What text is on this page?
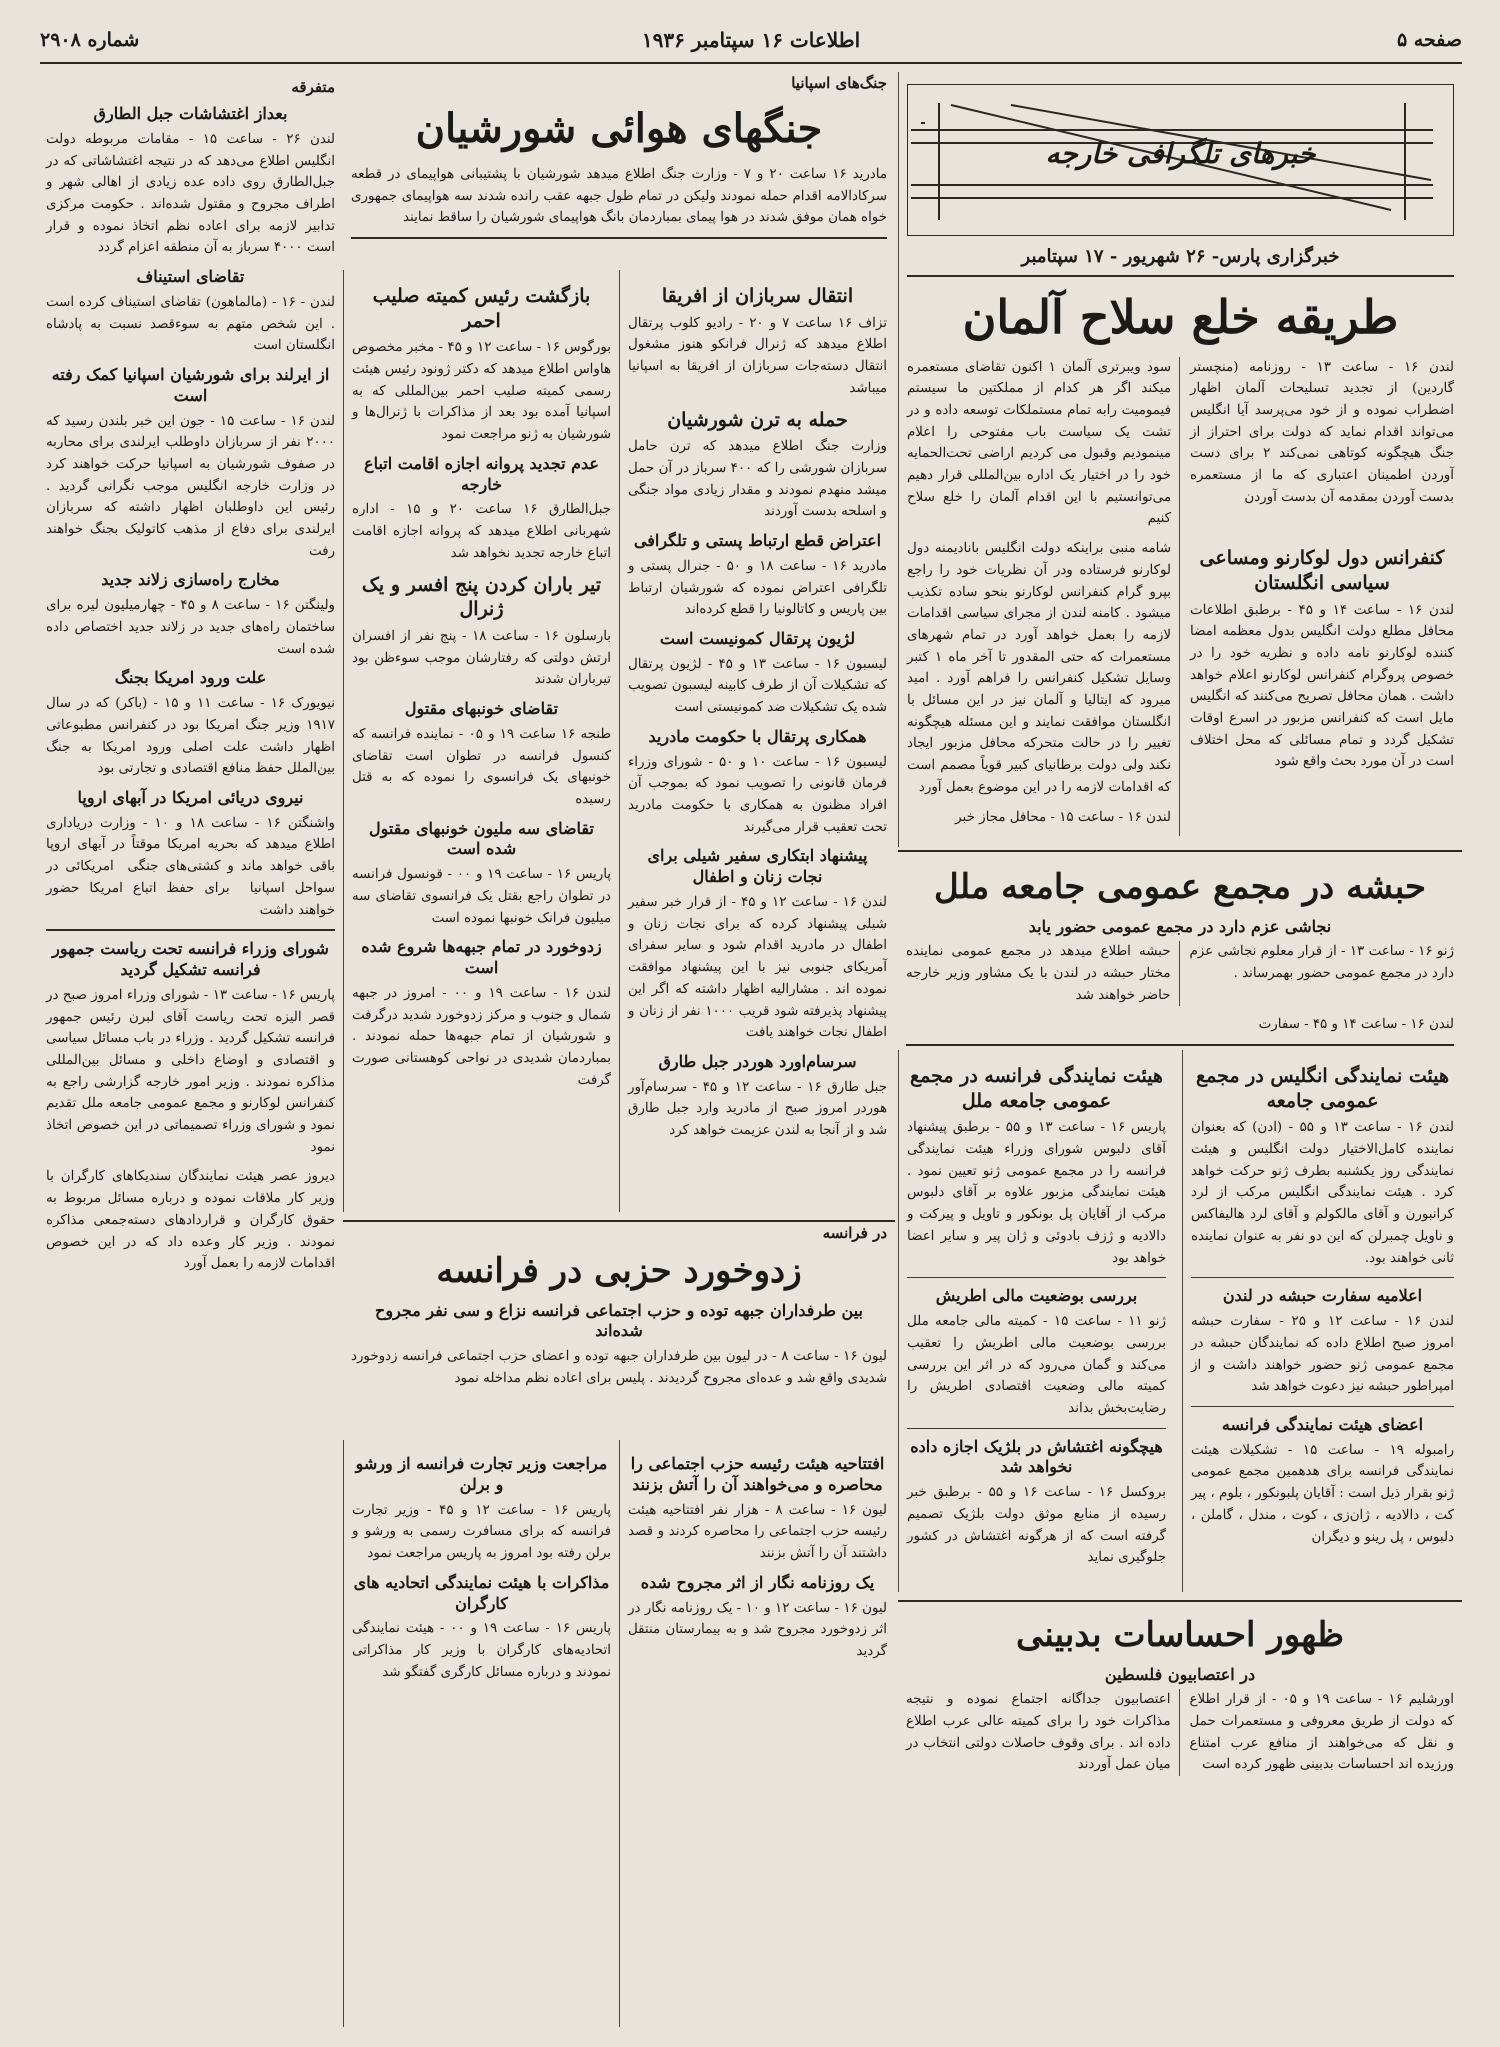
صفحه ۵
اطلاعات ۱۶ سپتامبر ۱۹۳۶
شماره ۲۹۰۸
خبرهای تلگرافی خارجه
خبرگزاری پارس- ۲۶ شهریور - ۱۷ سپتامبر
طریقه خلع سلاح آلمان

لندن ۱۶ - ساعت ۱۳ - روزنامه (منچستر گاردین) از تجدید تسلیحات آلمان اظهار اضطراب نموده و از خود می‌پرسد آیا انگلیس می‌تواند اقدام نماید که دولت برای احتراز از جنگ هیچگونه کوتاهی نمی‌کند ۲ برای دست آوردن اطمینان اعتباری که ما از مستعمره بدست آوردن بمقدمه آن بدست آوردن

سود ویبرتری آلمان ۱ اکنون تقاضای مستعمره میکند اگر هر کدام از مملکتین ما سیستم فیمومیت رابه تمام مستملکات توسعه داده و در تشت یک سیاست باب مفتوحی را اعلام مینمودیم وقبول می کردیم اراضی تحت‌الحمایه خود را در اختیار یک اداره بین‌المللی قرار دهیم می‌توانستیم با این اقدام آلمان را خلع سلاح کنیم

کنفرانس دول لوکارنو ومساعی سیاسی انگلستان

لندن ۱۶ - ساعت ۱۴ و ۴۵ - برطبق اطلاعات محافل مطلع دولت انگلیس بدول معظمه امضا کننده لوکارنو نامه داده و نظریه خود را در خصوص پروگرام کنفرانس لوکارنو اعلام خواهد داشت . همان محافل تصریح می‌کنند که انگلیس مایل است که کنفرانس مزبور در اسرع اوقات تشکیل گردد و تمام مسائلی که محل اختلاف است در آن مورد بحث واقع شود

شامه منبی براینکه دولت انگلیس بانادیمنه دول لوکارنو فرستاده ودر آن نظریات خود را راجع بپرو گرام کنفرانس لوکارنو بنحو ساده تکذیب میشود . کامنه لندن از مجرای سیاسی اقدامات لازمه را بعمل خواهد آورد در تمام شهرهای مستعمرات که حتی المقدور تا آخر ماه ۱ کتبر وسایل تشکیل کنفرانس را فراهم آورد . امید میرود که ایتالیا و آلمان نیز در این مسائل با انگلستان موافقت نمایند و این مسئله هیچگونه تغییر را در حالت متحرکه محافل مزبور ایجاد نکند ولی دولت برطانیای کبیر قویاً مصمم است که اقدامات لازمه را در این موضوع بعمل آورد

لندن ۱۶ - ساعت ۱۵ - محافل مجاز خبر

حبشه در مجمع عمومی جامعه ملل
نجاشی عزم دارد در مجمع عمومی حضور یابد

ژنو ۱۶ - ساعت ۱۳ - از قرار معلوم نجاشی عزم دارد در مجمع عمومی حضور بهمرساند .

حبشه اطلاع میدهد در مجمع عمومی نماینده مختار حبشه در لندن با یک مشاور وزیر خارجه حاضر خواهند شد

لندن ۱۶ - ساعت ۱۴ و ۴۵ - سفارت

هیئت نمایندگی انگلیس در مجمع عمومی جامعه

لندن ۱۶ - ساعت ۱۳ و ۵۵ - (ادن) که بعنوان نماینده کامل‌الاختیار دولت انگلیس و هیئت نمایندگی روز یکشنبه بطرف ژنو حرکت خواهد کرد . هیئت نمایندگی انگلیس مرکب از لرد کرانبورن و آقای مالکولم و آقای لرد هالیفاکس و ناویل چمبرلن که این دو نفر به عنوان نماینده ثانی خواهند بود.

اعلامیه سفارت حبشه در لندن

لندن ۱۶ - ساعت ۱۲ و ۲۵ - سفارت حبشه امروز صبح اطلاع داده که نمایندگان حبشه در مجمع عمومی ژنو حضور خواهند داشت و از امپراطور حبشه نیز دعوت خواهد شد

اعضای هیئت نمایندگی فرانسه

رامبوله ۱۹ - ساعت ۱۵ - تشکیلات هیئت نمایندگی فرانسه برای هدهمین مجمع عمومی ژنو بقرار ذیل است : آقایان پلبونکور ، بلوم ، پیر کت ، دالادیه ، ژان‌زی ، کوت ، مندل ، گاملن ، دلبوس ، پل رینو و دیگران

هیئت نمایندگی فرانسه در مجمع عمومی جامعه ملل

پاریس ۱۶ - ساعت ۱۳ و ۵۵ - برطبق پیشنهاد آقای دلبوس شورای وزراء هیئت نمایندگی فرانسه را در مجمع عمومی ژنو تعیین نمود . هیئت نمایندگی مزبور علاوه بر آقای دلبوس مرکب از آقایان پل بونکور و تاویل و پیرکت و دالادیه و ژزف بادوئی و ژان پیر و سایر اعضا خواهد بود

بررسی بوضعیت مالی اطریش

ژنو ۱۱ - ساعت ۱۵ - کمیته مالی جامعه ملل بررسی بوضعیت مالی اطریش را تعقیب می‌کند و گمان می‌رود که در اثر این بررسی کمیته مالی وضعیت اقتصادی اطریش را رضایت‌بخش بداند

هیچگونه اغتشاش در بلژیک اجازه داده نخواهد شد

بروکسل ۱۶ - ساعت ۱۶ و ۵۵ - برطبق خبر رسیده از منابع موثق دولت بلژیک تصمیم گرفته است که از هرگونه اغتشاش در کشور جلوگیری نماید

ظهور احساسات بدبینی
در اعتصابیون فلسطین

اورشلیم ۱۶ - ساعت ۱۹ و ۰۵ - از قرار اطلاع که دولت از طریق معروفی و مستعمرات حمل و نقل که می‌خواهند از منافع عرب امتناع ورزیده اند احساسات بدبینی ظهور کرده است

اعتصابیون جداگانه اجتماع نموده و نتیجه مذاکرات خود را برای کمیته عالی عرب اطلاع داده اند . برای وقوف حاصلات دولتی انتخاب در میان عمل آوردند

جنگ‌های اسپانیا
جنگهای هوائی شورشیان

مادرید ۱۶ ساعت ۲۰ و ۷ - وزارت جنگ اطلاع میدهد شورشیان با پشتیبانی هواپیمای در قطعه سرکادالامه اقدام حمله نمودند ولیکن در تمام طول جبهه عقب رانده شدند سه هواپیمای جمهوری خواه همان موفق شدند در هوا پیمای بمباردمان بانگ هواپیمای شورشیان را ساقط نمایند

انتقال سربازان از افریقا

تزاف ۱۶ ساعت ۷ و ۲۰ - رادیو کلوب پرتقال اطلاع میدهد که ژنرال فرانکو هنوز مشغول انتقال دسته‌جات سربازان از افریقا به اسپانیا میباشد

حمله به ترن شورشیان

وزارت جنگ اطلاع میدهد که ترن حامل سربازان شورشی را که ۴۰۰ سرباز در آن حمل میشد منهدم نمودند و مقدار زیادی مواد جنگی و اسلحه بدست آوردند

اعتراض قطع ارتباط پستی و تلگرافی

مادرید ۱۶ - ساعت ۱۸ و ۵۰ - جنرال پستی و تلگرافی اعتراض نموده که شورشیان ارتباط بین پاریس و کاتالونیا را قطع کرده‌اند

لژیون پرتقال کمونیست است

لیسبون ۱۶ - ساعت ۱۳ و ۴۵ - لژیون پرتقال که تشکیلات آن از طرف کابینه لیسبون تصویب شده یک تشکیلات ضد کمونیستی است

همکاری پرتقال با حکومت مادرید

لیسبون ۱۶ - ساعت ۱۰ و ۵۰ - شورای وزراء فرمان قانونی را تصویب نمود که بموجب آن افراد مظنون به همکاری با حکومت مادرید تحت تعقیب قرار می‌گیرند

پیشنهاد ابتکاری سفیر شیلی برای نجات زنان و اطفال

لندن ۱۶ - ساعت ۱۲ و ۴۵ - از قرار خبر سفیر شیلی پیشنهاد کرده که برای نجات زنان و اطفال در مادرید اقدام شود و سایر سفرای آمریکای جنوبی نیز با این پیشنهاد موافقت نموده اند . مشارالیه اظهار داشته که اگر این پیشنهاد پذیرفته شود قریب ۱۰۰۰ نفر از زنان و اطفال نجات خواهند یافت

سرسام‌اورد هوردر جبل طارق

جبل طارق ۱۶ - ساعت ۱۲ و ۴۵ - سرسام‌آور هوردر امروز صبح از مادرید وارد جبل طارق شد و از آنجا به لندن عزیمت خواهد کرد

بازگشت رئیس کمیته صلیب احمر

بورگوس ۱۶ - ساعت ۱۲ و ۴۵ - مخبر مخصوص هاواس اطلاع میدهد که دکتر ژونود رئیس هیئت رسمی کمیته صلیب احمر بین‌المللی که به اسپانیا آمده بود بعد از مذاکرات با ژنرال‌ها و شورشیان به ژنو مراجعت نمود

عدم تجدید پروانه اجازه اقامت اتباع خارجه

جبل‌الطارق ۱۶ ساعت ۲۰ و ۱۵ - اداره شهربانی اطلاع میدهد که پروانه اجازه اقامت اتباع خارجه تجدید نخواهد شد

تیر باران کردن پنج افسر و یک ژنرال

بارسلون ۱۶ - ساعت ۱۸ - پنج نفر از افسران ارتش دولتی که رفتارشان موجب سوء‌ظن بود تیرباران شدند

تقاضای خونبهای مقتول

طنجه ۱۶ ساعت ۱۹ و ۰۵ - نماینده فرانسه که کنسول فرانسه در تطوان است تقاضای خونبهای یک فرانسوی را نموده که به قتل رسیده

تقاضای سه ملیون خونبهای مقتول شده است

پاریس ۱۶ - ساعت ۱۹ و ۰۰ - قونسول فرانسه در تطوان راجع بقتل یک فرانسوی تقاضای سه میلیون فرانک خونبها نموده است

زدوخورد در تمام جبهه‌ها شروع شده است

لندن ۱۶ - ساعت ۱۹ و ۰۰ - امروز در جبهه شمال و جنوب و مرکز زدوخورد شدید درگرفت و شورشیان از تمام جبهه‌ها حمله نمودند . بمباردمان شدیدی در نواحی کوهستانی صورت گرفت

در فرانسه
زدوخورد حزبی در فرانسه
بین طرفداران جبهه توده و حزب اجتماعی فرانسه نزاع و سی نفر مجروح شده‌اند

لیون ۱۶ - ساعت ۸ - در لیون بین طرفداران جبهه توده و اعضای حزب اجتماعی فرانسه زدوخورد شدیدی واقع شد و عده‌ای مجروح گردیدند . پلیس برای اعاده نظم مداخله نمود

افتتاحیه هیئت رئیسه حزب اجتماعی را محاصره و می‌خواهند آن را آتش بزنند

لیون ۱۶ - ساعت ۸ - هزار نفر افتتاحیه هیئت رئیسه حزب اجتماعی را محاصره کردند و قصد داشتند آن را آتش بزنند

یک روزنامه نگار از اثر مجروح شده

لیون ۱۶ - ساعت ۱۲ و ۱۰ - یک روزنامه نگار در اثر زدوخورد مجروح شد و به بیمارستان منتقل گردید

مراجعت وزیر تجارت فرانسه از ورشو و برلن

پاریس ۱۶ - ساعت ۱۲ و ۴۵ - وزیر تجارت فرانسه که برای مسافرت رسمی به ورشو و برلن رفته بود امروز به پاریس مراجعت نمود

مذاکرات با هیئت نمایندگی اتحادیه های کارگران

پاریس ۱۶ - ساعت ۱۹ و ۰۰ - هیئت نمایندگی اتحادیه‌های کارگران با وزیر کار مذاکراتی نمودند و درباره مسائل کارگری گفتگو شد

متفرقه
بعداز اغتشاشات جبل الطارق

لندن ۲۶ - ساعت ۱۵ - مقامات مربوطه دولت انگلیس اطلاع می‌دهد که در نتیجه اغتشاشاتی که در جبل‌الطارق روی داده عده زیادی از اهالی شهر و اطراف مجروح و مقتول شده‌اند . حکومت مرکزی تدابیر لازمه برای اعاده نظم اتخاذ نموده و قرار است ۴۰۰۰ سرباز به آن منطقه اعزام گردد

تقاضای استیناف

لندن - ۱۶ - (مالماهون) تقاضای استیناف کرده است . این شخص متهم به سوءقصد نسبت به پادشاه انگلستان است

از ایرلند برای شورشیان اسپانیا کمک رفته است

لندن ۱۶ - ساعت ۱۵ - جون این خبر بلندن رسید که ۲۰۰۰ نفر از سربازان داوطلب ایرلندی برای محاربه در صفوف شورشیان به اسپانیا حرکت خواهند کرد در وزارت خارجه انگلیس موجب نگرانی گردید . رئیس این داوطلبان اظهار داشته که سربازان ایرلندی برای دفاع از مذهب کاتولیک بجنگ خواهند رفت

مخارج راه‌سازی زلاند جدید

ولینگتن ۱۶ - ساعت ۸ و ۴۵ - چهارمیلیون لیره برای ساختمان راه‌های جدید در زلاند جدید اختصاص داده شده است

علت ورود امریکا بجنگ

نیویورک ۱۶ - ساعت ۱۱ و ۱۵ - (باکر) که در سال ۱۹۱۷ وزیر جنگ امریکا بود در کنفرانس مطبوعاتی اظهار داشت علت اصلی ورود امریکا به جنگ بین‌الملل حفظ منافع اقتصادی و تجارتی بود

نیروی دریائی امریکا در آبهای اروپا

واشنگتن ۱۶ - ساعت ۱۸ و ۱۰ - وزارت دریاداری اطلاع میدهد که بحریه امریکا موقتاً در آبهای اروپا باقی خواهد ماند و کشتی‌های جنگی ‌ ‌امریکائی در سواحل اسپانیا ‌ ‌برای حفظ اتباع امریکا حضور خواهند داشت

شورای وزراء فرانسه تحت ریاست جمهور فرانسه تشکیل گردید

پاریس ۱۶ - ساعت ۱۳ - شورای وزراء امروز صبح در قصر الیزه تحت ریاست آقای لبرن رئیس جمهور فرانسه تشکیل گردید . وزراء در باب مسائل سیاسی و اقتصادی و اوضاع داخلی و مسائل بین‌المللی مذاکره نمودند . وزیر امور خارجه گزارشی راجع به کنفرانس لوکارنو و مجمع عمومی جامعه ملل تقدیم نمود و شورای وزراء تصمیماتی در این خصوص اتخاذ نمود

دیروز عصر هیئت نمایندگان سندیکاهای کارگران با وزیر کار ملاقات نموده و درباره مسائل مربوط به حقوق کارگران و قراردادهای دسته‌جمعی مذاکره نمودند . وزیر کار وعده داد که در این خصوص اقدامات لازمه را بعمل آورد
